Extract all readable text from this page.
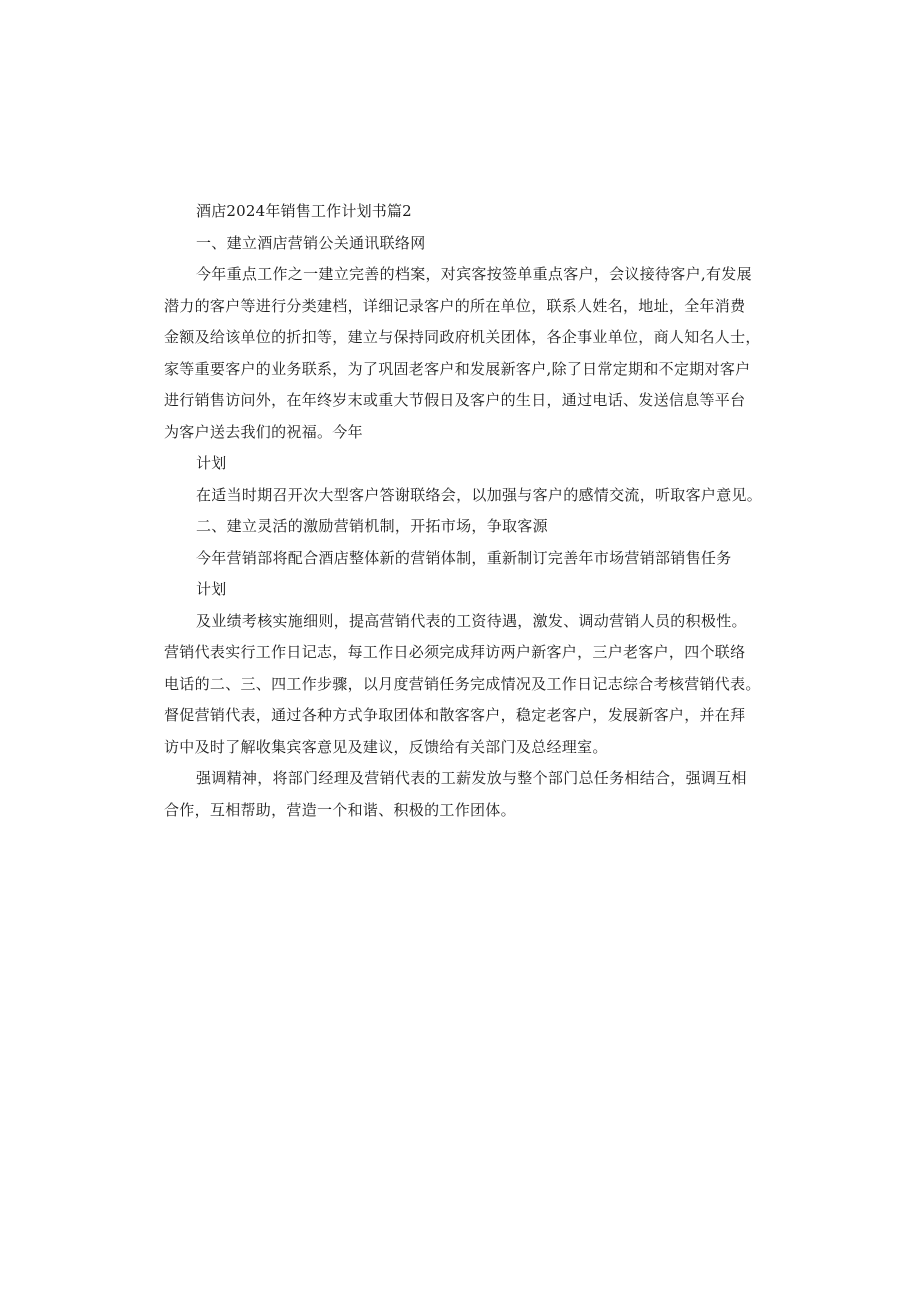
酒店2024年销售工作计划书篇2
一、建立酒店营销公关通讯联络网
今年重点工作之一建立完善的档案，对宾客按签单重点客户，会议接待客户,有发展
潜力的客户等进行分类建档，详细记录客户的所在单位，联系人姓名，地址，全年消费
金额及给该单位的折扣等，建立与保持同政府机关团体，各企事业单位，商人知名人士，
家等重要客户的业务联系，为了巩固老客户和发展新客户,除了日常定期和不定期对客户
进行销售访问外，在年终岁末或重大节假日及客户的生日，通过电话、发送信息等平台
为客户送去我们的祝福。今年
计划
在适当时期召开次大型客户答谢联络会，以加强与客户的感情交流，听取客户意见。
二、建立灵活的激励营销机制，开拓市场，争取客源
今年营销部将配合酒店整体新的营销体制，重新制订完善年市场营销部销售任务
计划
及业绩考核实施细则，提高营销代表的工资待遇，激发、调动营销人员的积极性。
营销代表实行工作日记志，每工作日必须完成拜访两户新客户，三户老客户，四个联络
电话的二、三、四工作步骤，以月度营销任务完成情况及工作日记志综合考核营销代表。
督促营销代表，通过各种方式争取团体和散客客户，稳定老客户，发展新客户，并在拜
访中及时了解收集宾客意见及建议，反馈给有关部门及总经理室。
强调精神，将部门经理及营销代表的工薪发放与整个部门总任务相结合，强调互相
合作，互相帮助，营造一个和谐、积极的工作团体。
